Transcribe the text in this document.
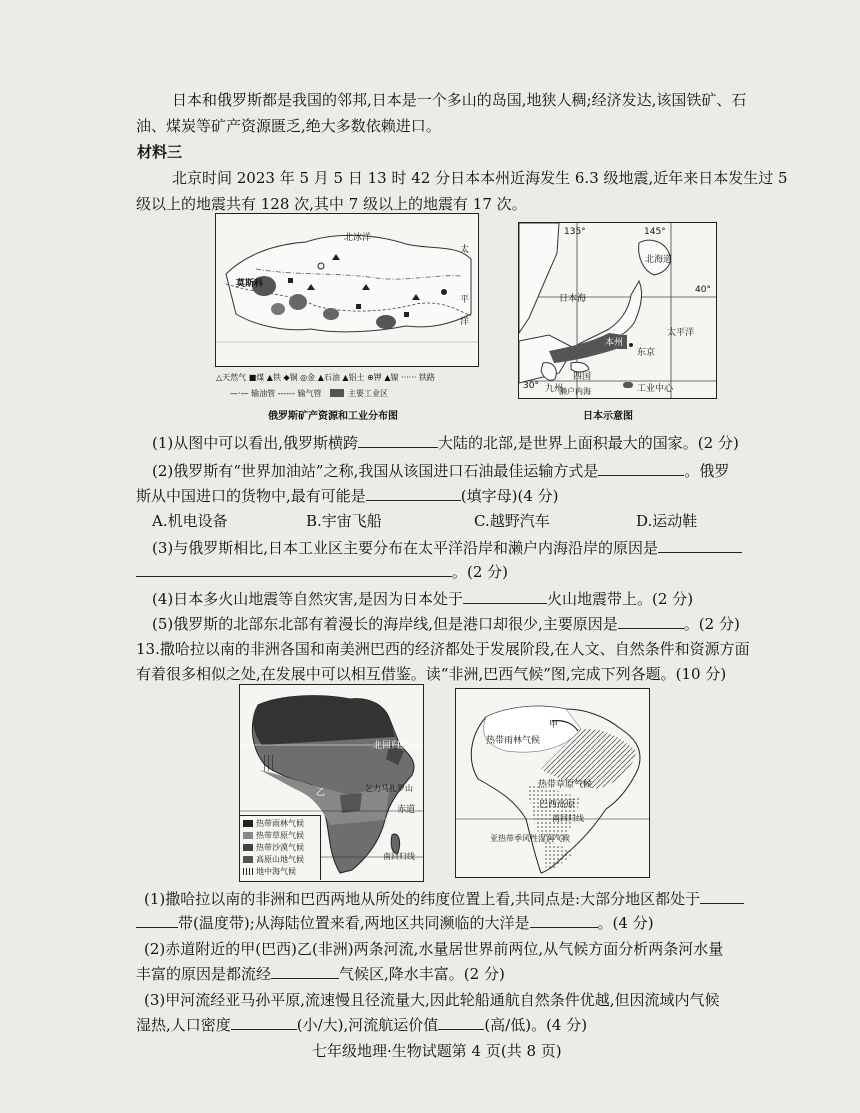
日本和俄罗斯都是我国的邻邦,日本是一个多山的岛国,地狭人稠;经济发达,该国铁矿、石
油、煤炭等矿产资源匮乏,绝大多数依赖进口。
材料三
北京时间 2023 年 5 月 5 日 13 时 42 分日本本州近海发生 6.3 级地震,近年来日本发生过 5
级以上的地震共有 128 次,其中 7 级以上的地震有 17 次。
北冰洋
莫斯科
太
平
洋
△天然气 ■煤 ▲铁 ◆铜 ◎金 ▲石油 ▲铝土 ⊕钾 ▲镍 ······ 铁路
—·— 输油管 ------ 输气管	主要工业区
俄罗斯矿产资源和工业分布图
135°	145°
40°
30°
北海道
日本海
太平洋
本州
东京
四国
九州
濑户内海	工业中心
日本示意图
(1)从图中可以看出,俄罗斯横跨	大陆的北部,是世界上面积最大的国家。(2 分)
(2)俄罗斯有“世界加油站”之称,我国从该国进口石油最佳运输方式是	。俄罗
斯从中国进口的货物中,最有可能是	(填字母)(4 分)
A.机电设备	B.宇宙飞船	C.越野汽车	D.运动鞋
(3)与俄罗斯相比,日本工业区主要分布在太平洋沿岸和濑户内海沿岸的原因是
。(2 分)
(4)日本多火山地震等自然灾害,是因为日本处于	火山地震带上。(2 分)
(5)俄罗斯的北部东北部有着漫长的海岸线,但是港口却很少,主要原因是	。(2 分)
13.撒哈拉以南的非洲各国和南美洲巴西的经济都处于发展阶段,在人文、自然条件和资源方面
有着很多相似之处,在发展中可以相互借鉴。读“非洲,巴西气候”图,完成下列各题。(10 分)
北回归线
乙
赤道
乞力马扎罗山
南回归线
热带雨林气候
热带草原气候
热带沙漠气候
高原山地气候
地中海气候
甲
热带雨林气候
热带草原气候
巴西高原
南回归线
亚热带季风性湿润气候
(1)撒哈拉以南的非洲和巴西两地从所处的纬度位置上看,共同点是:大部分地区都处于
带(温度带);从海陆位置来看,两地区共同濒临的大洋是	。(4 分)
(2)赤道附近的甲(巴西)乙(非洲)两条河流,水量居世界前两位,从气候方面分析两条河水量
丰富的原因是都流经	气候区,降水丰富。(2 分)
(3)甲河流经亚马孙平原,流速慢且径流量大,因此轮船通航自然条件优越,但因流域内气候
湿热,人口密度	(小/大),河流航运价值	(高/低)。(4 分)
七年级地理·生物试题第 4 页(共 8 页)
